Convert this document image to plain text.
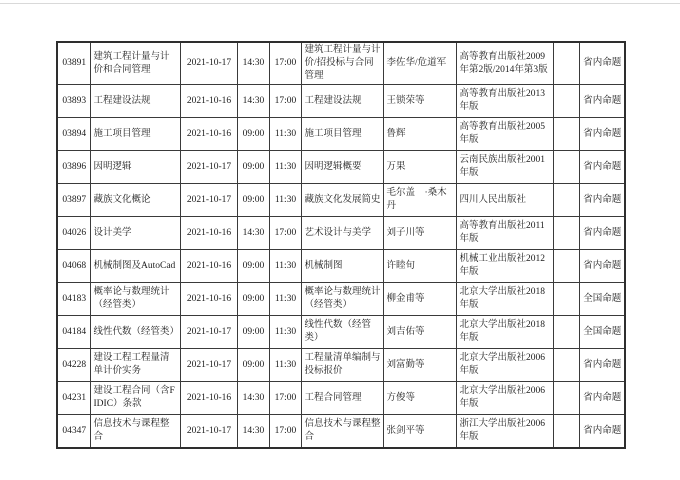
03891	建筑工程计量与计价和合同管理	2021-10-17	14:30	17:00	建筑工程计量与计价/招投标与合同管理	李佐华/危道军	高等教育出版社2009年第2版/2014年第3版		省内命题
03893	工程建设法规	2021-10-16	14:30	17:00	工程建设法规	王锁荣等	高等教育出版社2013年版		省内命题
03894	施工项目管理	2021-10-16	09:00	11:30	施工项目管理	鲁辉	高等教育出版社2005年版		省内命题
03896	因明逻辑	2021-10-17	09:00	11:30	因明逻辑概要	万果	云南民族出版社2001年版		省内命题
03897	藏族文化概论	2021-10-17	09:00	11:30	藏族文化发展简史	毛尔盖　·桑木丹	四川人民出版社		省内命题
04026	设计美学	2021-10-16	14:30	17:00	艺术设计与美学	刘子川等	高等教育出版社2011年版		省内命题
04068	机械制图及AutoCad	2021-10-16	09:00	11:30	机械制图	许睦旬	机械工业出版社2012年版		省内命题
04183	概率论与数理统计（经管类）	2021-10-16	09:00	11:30	概率论与数理统计（经管类）	柳金甫等	北京大学出版社2018年版		全国命题
04184	线性代数（经管类）	2021-10-17	09:00	11:30	线性代数（经管类）	刘吉佑等	北京大学出版社2018年版		全国命题
04228	建设工程工程量清单计价实务	2021-10-17	09:00	11:30	工程量清单编制与投标报价	刘富勤等	北京大学出版社2006年版		省内命题
04231	建设工程合同（含FIDIC）条款	2021-10-16	14:30	17:00	工程合同管理	方俊等	北京大学出版社2006年版		省内命题
04347	信息技术与课程整合	2021-10-17	14:30	17:00	信息技术与课程整合	张剑平等	浙江大学出版社2006年版		省内命题
